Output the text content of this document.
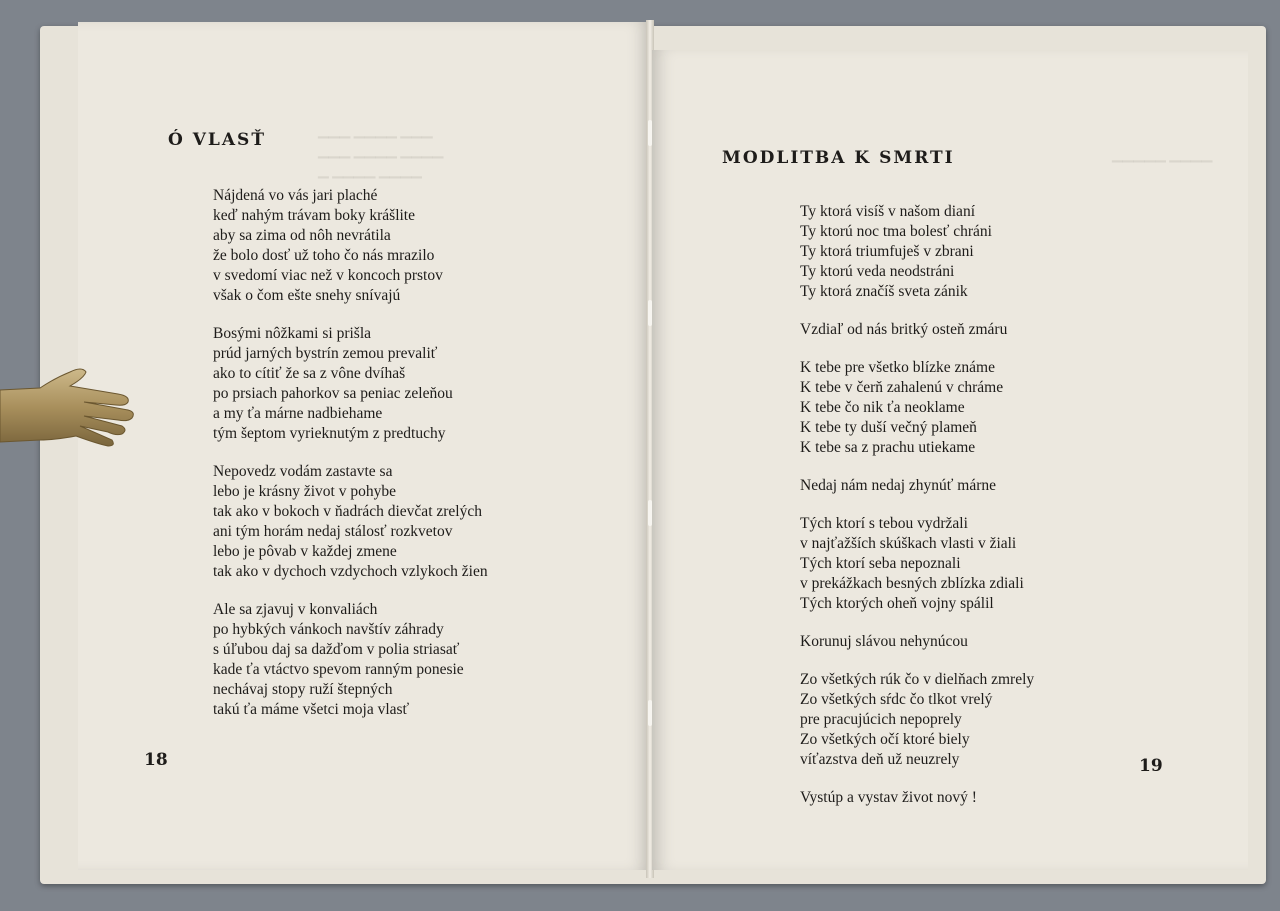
▁▁▁ ▁▁▁▁ ▁▁▁
▁▁▁ ▁▁▁▁ ▁▁▁▁
▁ ▁▁▁▁ ▁▁▁▁
Ó VLASŤ
Nájdená vo vás jari plaché
keď nahým trávam boky krášlite
aby sa zima od nôh nevrátila
že bolo dosť už toho čo nás mrazilo
v svedomí viac než v koncoch prstov
však o čom ešte snehy snívajú
Bosými nôžkami si prišla
prúd jarných bystrín zemou prevaliť
ako to cítiť že sa z vône dvíhaš
po prsiach pahorkov sa peniac zeleňou
a my ťa márne nadbiehame
tým šeptom vyrieknutým z predtuchy
Nepovedz vodám zastavte sa
lebo je krásny život v pohybe
tak ako v bokoch v ňadrách dievčat zrelých
ani tým horám nedaj stálosť rozkvetov
lebo je pôvab v každej zmene
tak ako v dychoch vzdychoch vzlykoch žien
Ale sa zjavuj v konvaliách
po hybkých vánkoch navštív záhrady
s úľubou daj sa dažďom v polia striasať
kade ťa vtáctvo spevom ranným ponesie
nechávaj stopy ruží štepných
takú ťa máme všetci moja vlasť
18
▁▁▁▁▁ ▁▁▁▁
MODLITBA K SMRTI
Ty ktorá visíš v našom dianí
Ty ktorú noc tma bolesť chráni
Ty ktorá triumfuješ v zbrani
Ty ktorú veda neodstráni
Ty ktorá značíš sveta zánik
Vzdiaľ od nás britký osteň zmáru
K tebe pre všetko blízke známe
K tebe v čerň zahalenú v chráme
K tebe čo nik ťa neoklame
K tebe ty duší večný plameň
K tebe sa z prachu utiekame
Nedaj nám nedaj zhynúť márne
Tých ktorí s tebou vydržali
v najťažších skúškach vlasti v žiali
Tých ktorí seba nepoznali
v prekážkach besných zblízka zdiali
Tých ktorých oheň vojny spálil
Korunuj slávou nehynúcou
Zo všetkých rúk čo v dielňach zmrely
Zo všetkých sŕdc čo tlkot vrelý
pre pracujúcich nepoprely
Zo všetkých očí ktoré biely
víťazstva deň už neuzrely
Vystúp a vystav život nový !
19
